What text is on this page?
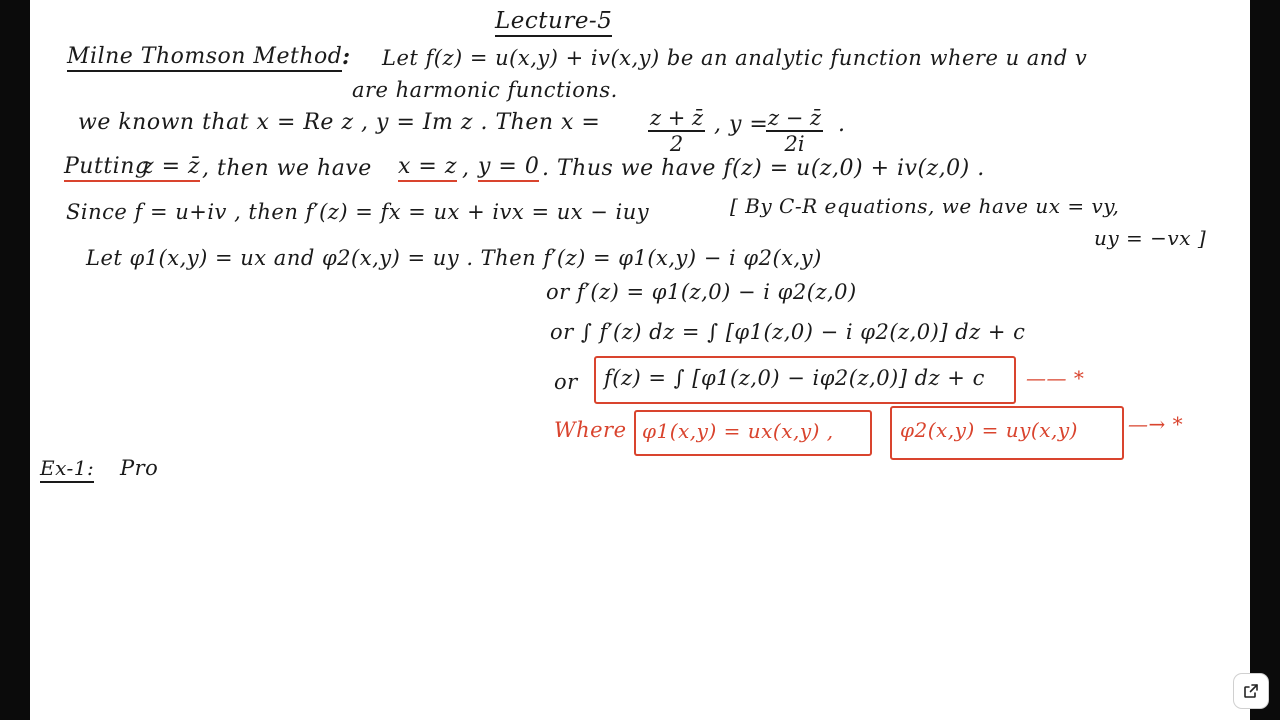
Lecture-5
Milne Thomson Method : Let f(z) = u(x,y) + iv(x,y) be an analytic function where u and v
are harmonic functions.
we known that x = Re z , y = Im z . Then $x = \frac{z + z̄}{2}$ , y =
$\frac{z - z̄}{2i}$ .
Putting
z = z̄ , then we have x = z , y = 0 . Thus we have f(z) = u(z,0) + iv(z,0) .
Since f = u+iv , then f′(z) = fx = ux + ivx = ux − iuy	[ By C-R equations, we have ux = vy,
uy = −vx ]
Let φ1(x,y) = ux and φ2(x,y) = uy . Then f′(z) = φ1(x,y) − i φ2(x,y)
or f′(z) = φ1(z,0) − i φ2(z,0)
or ∫ f′(z) dz = ∫ [φ1(z,0) − i φ2(z,0)] dz + c
or f(z) = ∫ [φ1(z,0) − iφ2(z,0)] dz + c —— *
Where φ1(x,y) = ux(x,y) ,	φ2(x,y) = uy(x,y)	—→ *
Ex-1: Pro
